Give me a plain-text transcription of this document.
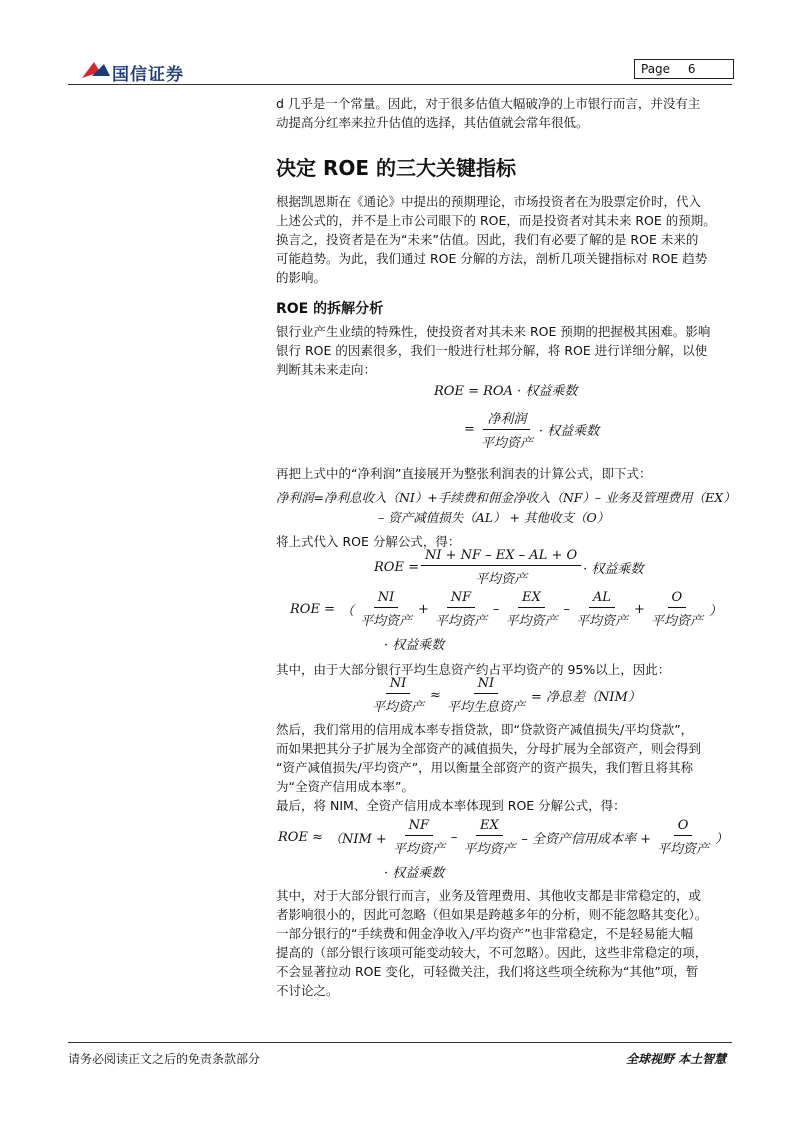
国信证券	Page 6
d 几乎是一个常量。因此，对于很多估值大幅破净的上市银行而言，并没有主
动提高分红率来拉升估值的选择，其估值就会常年很低。
决定 ROE 的三大关键指标
根据凯恩斯在《通论》中提出的预期理论，市场投资者在为股票定价时，代入
上述公式的，并不是上市公司眼下的 ROE，而是投资者对其未来 ROE 的预期。
换言之，投资者是在为“未来”估值。因此，我们有必要了解的是 ROE 未来的
可能趋势。为此，我们通过 ROE 分解的方法，剖析几项关键指标对 ROE 趋势
的影响。
ROE 的拆解分析
银行业产生业绩的特殊性，使投资者对其未来 ROE 预期的把握极其困难。影响
银行 ROE 的因素很多，我们一般进行杜邦分解，将 ROE 进行详细分解，以使
判断其未来走向：
ROE = ROA · 权益乘数
= $\frac{\text{净利润}}{\text{平均资产}}$ · 权益乘数
再把上式中的“净利润”直接展开为整张利润表的计算公式，即下式：
净利润=净利息收入（NI）+手续费和佣金净收入（NF）– 业务及管理费用（EX）
– 资产减值损失（AL） + 其他收支（O）
将上式代入 ROE 分解公式，得：
ROE = $\frac{NI + NF - EX - AL + O}{\text{平均资产}}$ · 权益乘数
ROE = （ $\frac{NI}{\text{平均资产}} + \frac{NF}{\text{平均资产}} - \frac{EX}{\text{平均资产}} - \frac{AL}{\text{平均资产}} + \frac{O}{\text{平均资产}}$ ）
· 权益乘数
其中，由于大部分银行平均生息资产约占平均资产的 95%以上，因此：
$\frac{NI}{\text{平均资产}} \approx \frac{NI}{\text{平均生息资产}}$ = 净息差（NIM）
然后，我们常用的信用成本率专指贷款，即“贷款资产减值损失/平均贷款”，
而如果把其分子扩展为全部资产的减值损失，分母扩展为全部资产，则会得到
“资产减值损失/平均资产”，用以衡量全部资产的资产损失，我们暂且将其称
为“全资产信用成本率”。
最后，将 NIM、全资产信用成本率体现到 ROE 分解公式，得：
ROE ≈ （$NIM + \frac{NF}{\text{平均资产}} - \frac{EX}{\text{平均资产}}$ – 全资产信用成本率 + $\frac{O}{\text{平均资产}}$ ）
· 权益乘数
其中，对于大部分银行而言，业务及管理费用、其他收支都是非常稳定的，或
者影响很小的，因此可忽略（但如果是跨越多年的分析，则不能忽略其变化）。
一部分银行的“手续费和佣金净收入/平均资产”也非常稳定，不是轻易能大幅
提高的（部分银行该项可能变动较大，不可忽略）。因此，这些非常稳定的项，
不会显著拉动 ROE 变化，可轻微关注，我们将这些项全统称为“其他”项，暂
不讨论之。
请务必阅读正文之后的免责条款部分	全球视野 本土智慧
